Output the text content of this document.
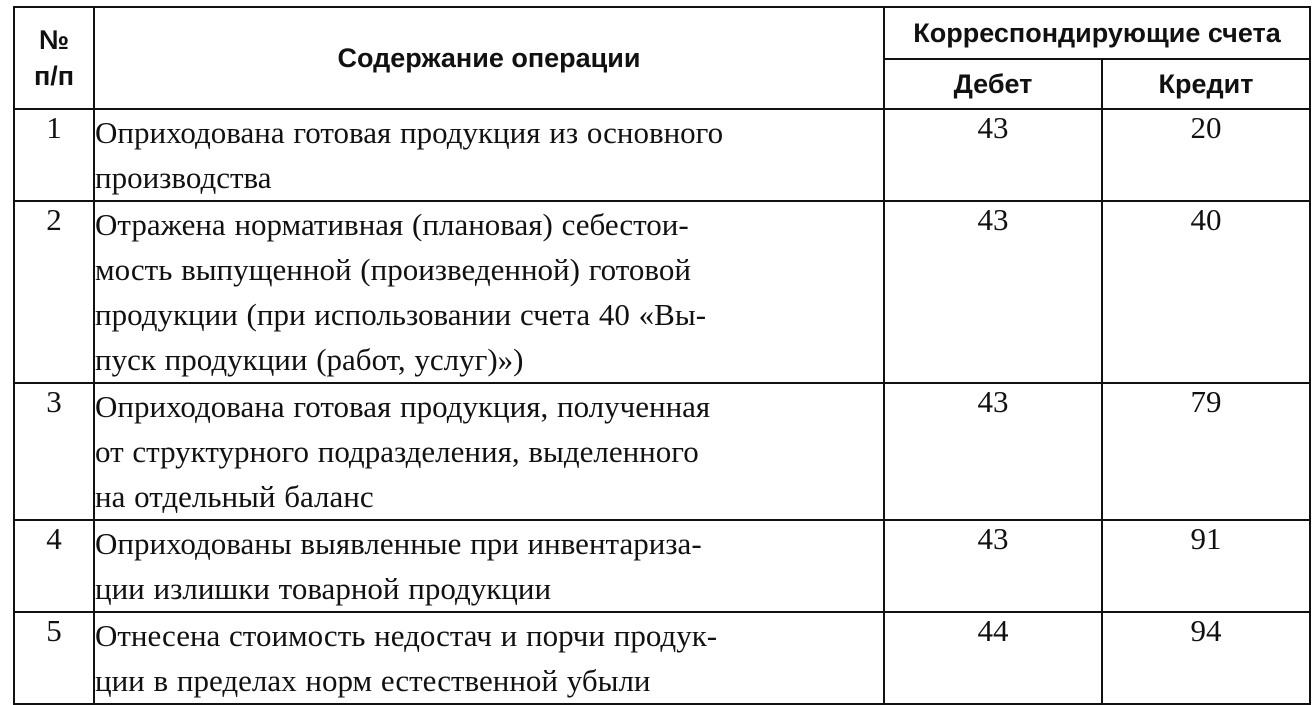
№
п/п	Содержание операции	Корреспондирующие счета	
		Дебет	Кредит
1	Оприходована готовая продукция из основного
производства	43	20
2	Отражена нормативная (плановая) себестои-
мость выпущенной (произведенной) готовой
продукции (при использовании счета 40 «Вы-
пуск продукции (работ, услуг)»)	43	40
3	Оприходована готовая продукция, полученная
от структурного подразделения, выделенного
на отдельный баланс	43	79
4	Оприходованы выявленные при инвентариза-
ции излишки товарной продукции	43	91
5	Отнесена стоимость недостач и порчи продук-
ции в пределах норм естественной убыли	44	94
